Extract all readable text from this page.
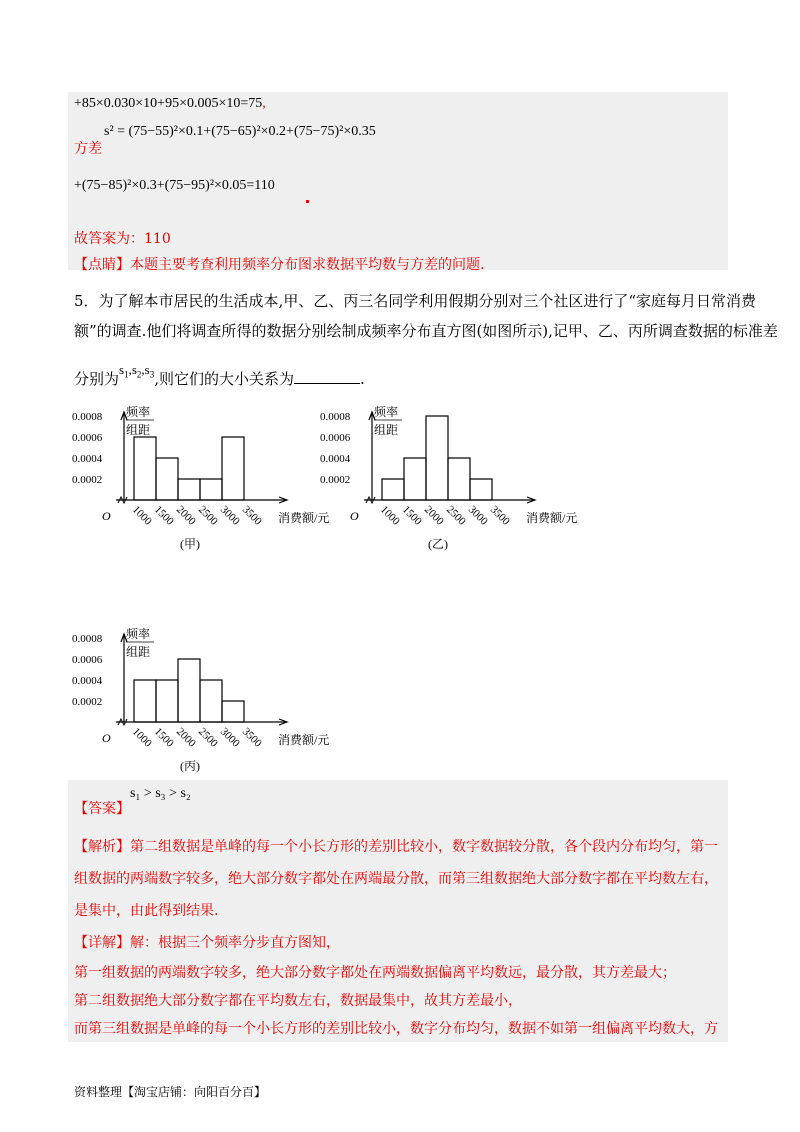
+85×0.030×10+95×0.005×10=75,
方差
s² = (75−55)²×0.1+(75−65)²×0.2+(75−75)²×0.35
+(75−85)²×0.3+(75−95)²×0.05=110
故答案为：110
【点睛】本题主要考查利用频率分布图求数据平均数与方差的问题.
5．为了解本市居民的生活成本,甲、乙、丙三名同学利用假期分别对三个社区进行了“家庭每月日常消费
额”的调查.他们将调查所得的数据分别绘制成频率分布直方图(如图所示),记甲、乙、丙所调查数据的标准差
分别为$s_1,s_2,s_3$,则它们的大小关系为	.
频率
组距
0.0008
0.0006
0.0004
0.0002
1000
1500
2000
2500
3000
3500
O	消费额/元
(甲)
频率
组距
0.0008
0.0006
0.0004
0.0002
1000
1500
2000
2500
3000
3500
O	消费额/元
(乙)
频率
组距
0.0008
0.0006
0.0004
0.0002
1000
1500
2000
2500
3000
3500
O	消费额/元
(丙)
【答案】
s₁ > s₃ > s₂
【解析】第二组数据是单峰的每一个小长方形的差别比较小，数字数据较分散，各个段内分布均匀，第一
组数据的两端数字较多，绝大部分数字都处在两端最分散，而第三组数据绝大部分数字都在平均数左右，
是集中，由此得到结果.
【详解】解：根据三个频率分步直方图知，
第一组数据的两端数字较多，绝大部分数字都处在两端数据偏离平均数远，最分散，其方差最大；
第二组数据绝大部分数字都在平均数左右，数据最集中，故其方差最小，
而第三组数据是单峰的每一个小长方形的差别比较小，数字分布均匀，数据不如第一组偏离平均数大，方
资料整理【淘宝店铺：向阳百分百】
